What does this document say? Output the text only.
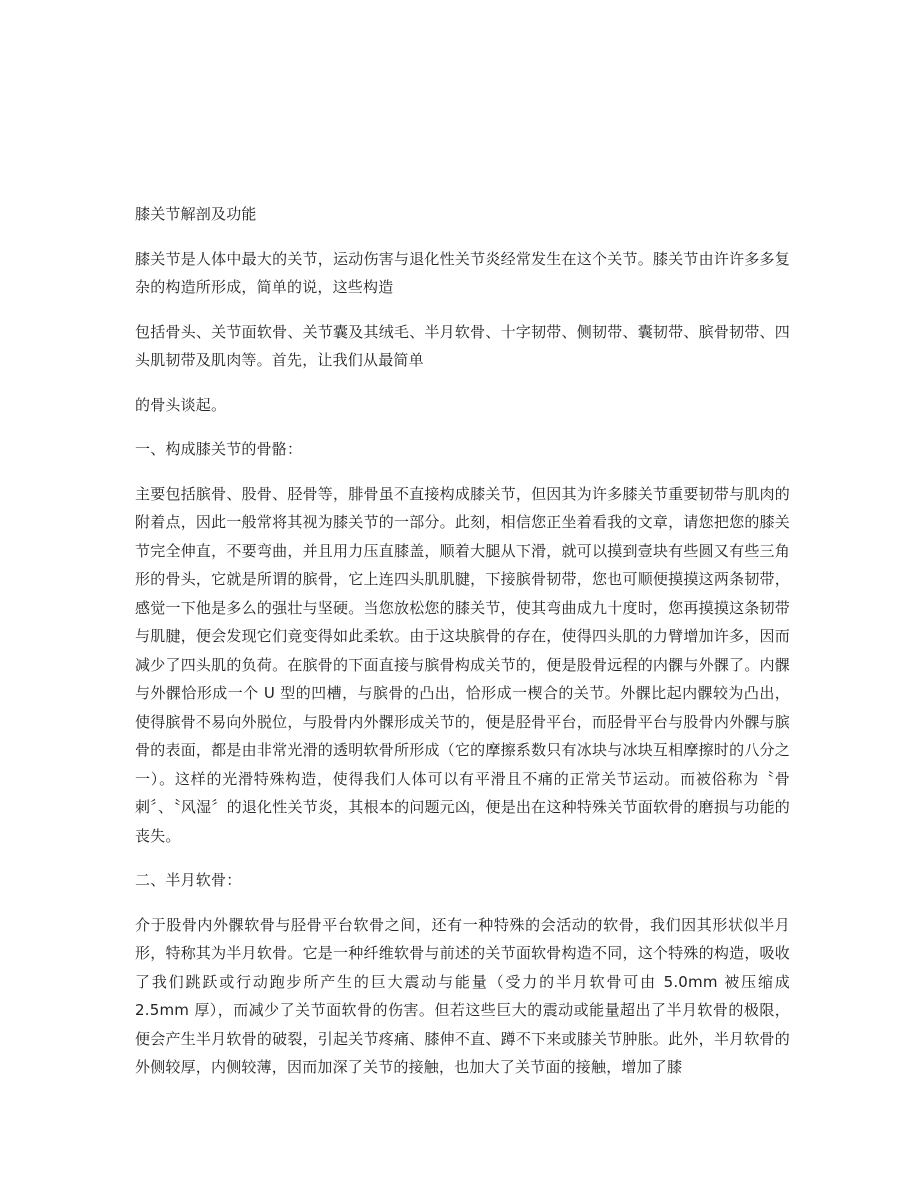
膝关节解剖及功能

膝关节是人体中最大的关节，运动伤害与退化性关节炎经常发生在这个关节。膝关节由许许多多复杂的构造所形成，简单的说，这些构造

包括骨头、关节面软骨、关节囊及其绒毛、半月软骨、十字韧带、侧韧带、囊韧带、膑骨韧带、四头肌韧带及肌肉等。首先，让我们从最简单

的骨头谈起。

一、构成膝关节的骨骼：

主要包括膑骨、股骨、胫骨等，腓骨虽不直接构成膝关节，但因其为许多膝关节重要韧带与肌肉的附着点，因此一般常将其视为膝关节的一部分。此刻，相信您正坐着看我的文章，请您把您的膝关节完全伸直，不要弯曲，并且用力压直膝盖，顺着大腿从下滑，就可以摸到壹块有些圆又有些三角形的骨头，它就是所谓的膑骨，它上连四头肌肌腱，下接膑骨韧带，您也可顺便摸摸这两条韧带，感觉一下他是多么的强壮与坚硬。当您放松您的膝关节，使其弯曲成九十度时，您再摸摸这条韧带与肌腱，便会发现它们竟变得如此柔软。由于这块膑骨的存在，使得四头肌的力臂增加许多，因而减少了四头肌的负荷。在膑骨的下面直接与膑骨构成关节的，便是股骨远程的内髁与外髁了。内髁与外髁恰形成一个 U 型的凹槽，与膑骨的凸出，恰形成一楔合的关节。外髁比起内髁较为凸出，使得膑骨不易向外脱位，与股骨内外髁形成关节的，便是胫骨平台，而胫骨平台与股骨内外髁与膑骨的表面，都是由非常光滑的透明软骨所形成（它的摩擦系数只有冰块与冰块互相摩擦时的八分之一）。这样的光滑特殊构造，使得我们人体可以有平滑且不痛的正常关节运动。而被俗称为〝骨刺〞、〝风湿〞的退化性关节炎，其根本的问题元凶，便是出在这种特殊关节面软骨的磨损与功能的丧失。

二、半月软骨：

介于股骨内外髁软骨与胫骨平台软骨之间，还有一种特殊的会活动的软骨，我们因其形状似半月形，特称其为半月软骨。它是一种纤维软骨与前述的关节面软骨构造不同，这个特殊的构造，吸收了我们跳跃或行动跑步所产生的巨大震动与能量（受力的半月软骨可由 5.0mm 被压缩成 2.5mm 厚），而减少了关节面软骨的伤害。但若这些巨大的震动或能量超出了半月软骨的极限，便会产生半月软骨的破裂，引起关节疼痛、膝伸不直、蹲不下来或膝关节肿胀。此外，半月软骨的外侧较厚，内侧较薄，因而加深了关节的接触，也加大了关节面的接触，增加了膝
